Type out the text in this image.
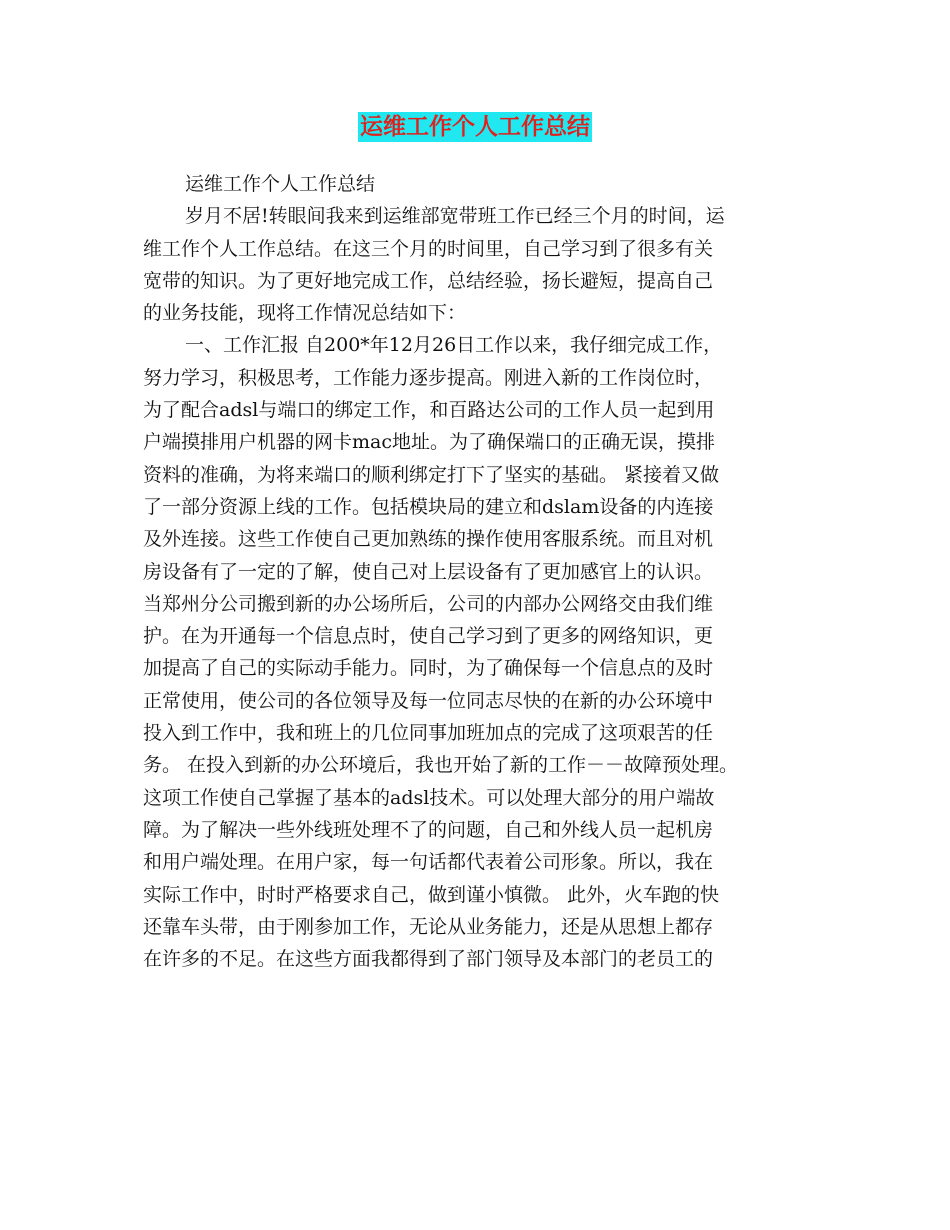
运维工作个人工作总结
运维工作个人工作总结
岁月不居!转眼间我来到运维部宽带班工作已经三个月的时间，运
维工作个人工作总结。在这三个月的时间里，自己学习到了很多有关
宽带的知识。为了更好地完成工作，总结经验，扬长避短，提高自己
的业务技能，现将工作情况总结如下：
一、工作汇报 自200*年12月26日工作以来，我仔细完成工作，
努力学习，积极思考，工作能力逐步提高。刚进入新的工作岗位时，
为了配合adsl与端口的绑定工作，和百路达公司的工作人员一起到用
户端摸排用户机器的网卡mac地址。为了确保端口的正确无误，摸排
资料的准确，为将来端口的顺利绑定打下了坚实的基础。 紧接着又做
了一部分资源上线的工作。包括模块局的建立和dslam设备的内连接
及外连接。这些工作使自己更加熟练的操作使用客服系统。而且对机
房设备有了一定的了解，使自己对上层设备有了更加感官上的认识。
当郑州分公司搬到新的办公场所后，公司的内部办公网络交由我们维
护。在为开通每一个信息点时，使自己学习到了更多的网络知识，更
加提高了自己的实际动手能力。同时，为了确保每一个信息点的及时
正常使用，使公司的各位领导及每一位同志尽快的在新的办公环境中
投入到工作中，我和班上的几位同事加班加点的完成了这项艰苦的任
务。 在投入到新的办公环境后，我也开始了新的工作－－故障预处理。
这项工作使自己掌握了基本的adsl技术。可以处理大部分的用户端故
障。为了解决一些外线班处理不了的问题，自己和外线人员一起机房
和用户端处理。在用户家，每一句话都代表着公司形象。所以，我在
实际工作中，时时严格要求自己，做到谨小慎微。 此外，火车跑的快
还靠车头带，由于刚参加工作，无论从业务能力，还是从思想上都存
在许多的不足。在这些方面我都得到了部门领导及本部门的老员工的
